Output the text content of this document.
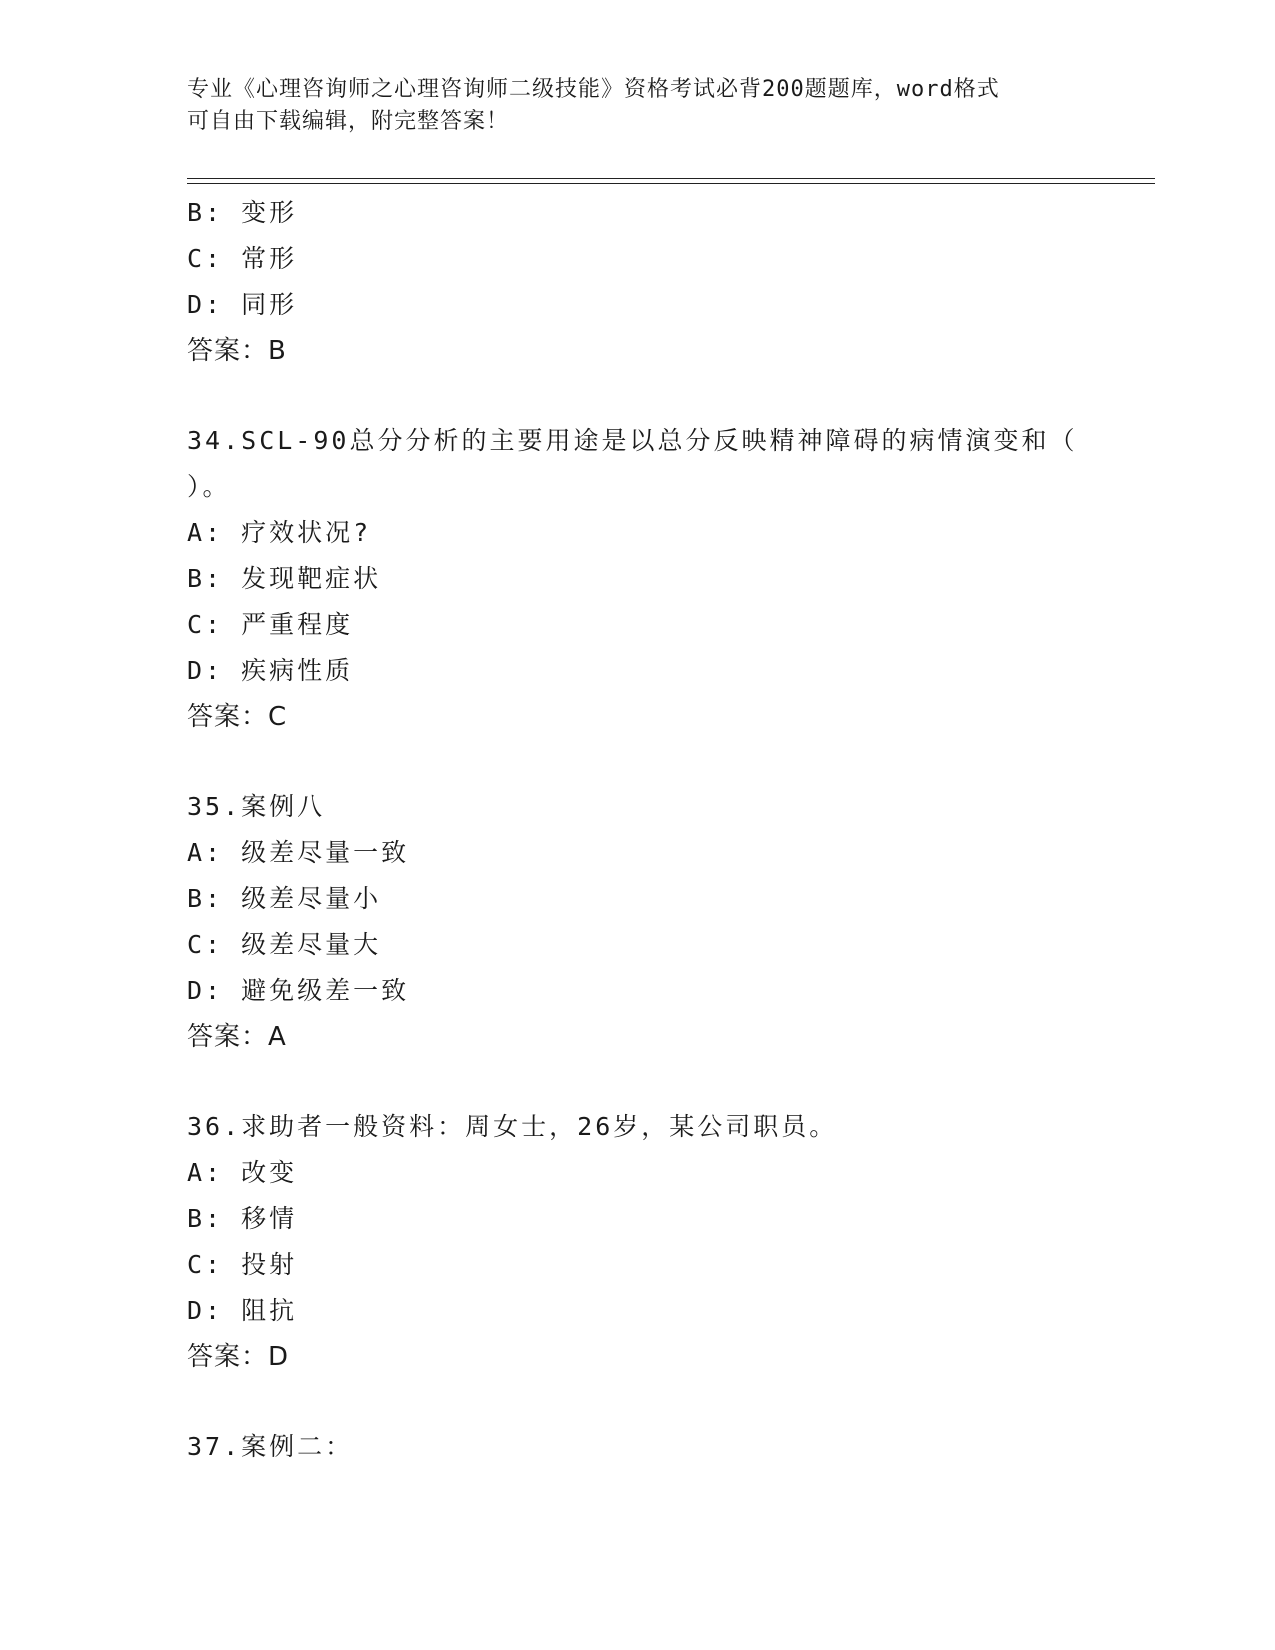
专业《心理咨询师之心理咨询师二级技能》资格考试必背200题题库，word格式
可自由下载编辑，附完整答案！
B: 变形
C: 常形
D: 同形
答案：B
34.SCL-90总分分析的主要用途是以总分反映精神障碍的病情演变和（
）。
A: 疗效状况?
B: 发现靶症状
C: 严重程度
D: 疾病性质
答案：C
35.案例八
A: 级差尽量一致
B: 级差尽量小
C: 级差尽量大
D: 避免级差一致
答案：A
36.求助者一般资料：周女士，26岁，某公司职员。
A: 改变
B: 移情
C: 投射
D: 阻抗
答案：D
37.案例二：
